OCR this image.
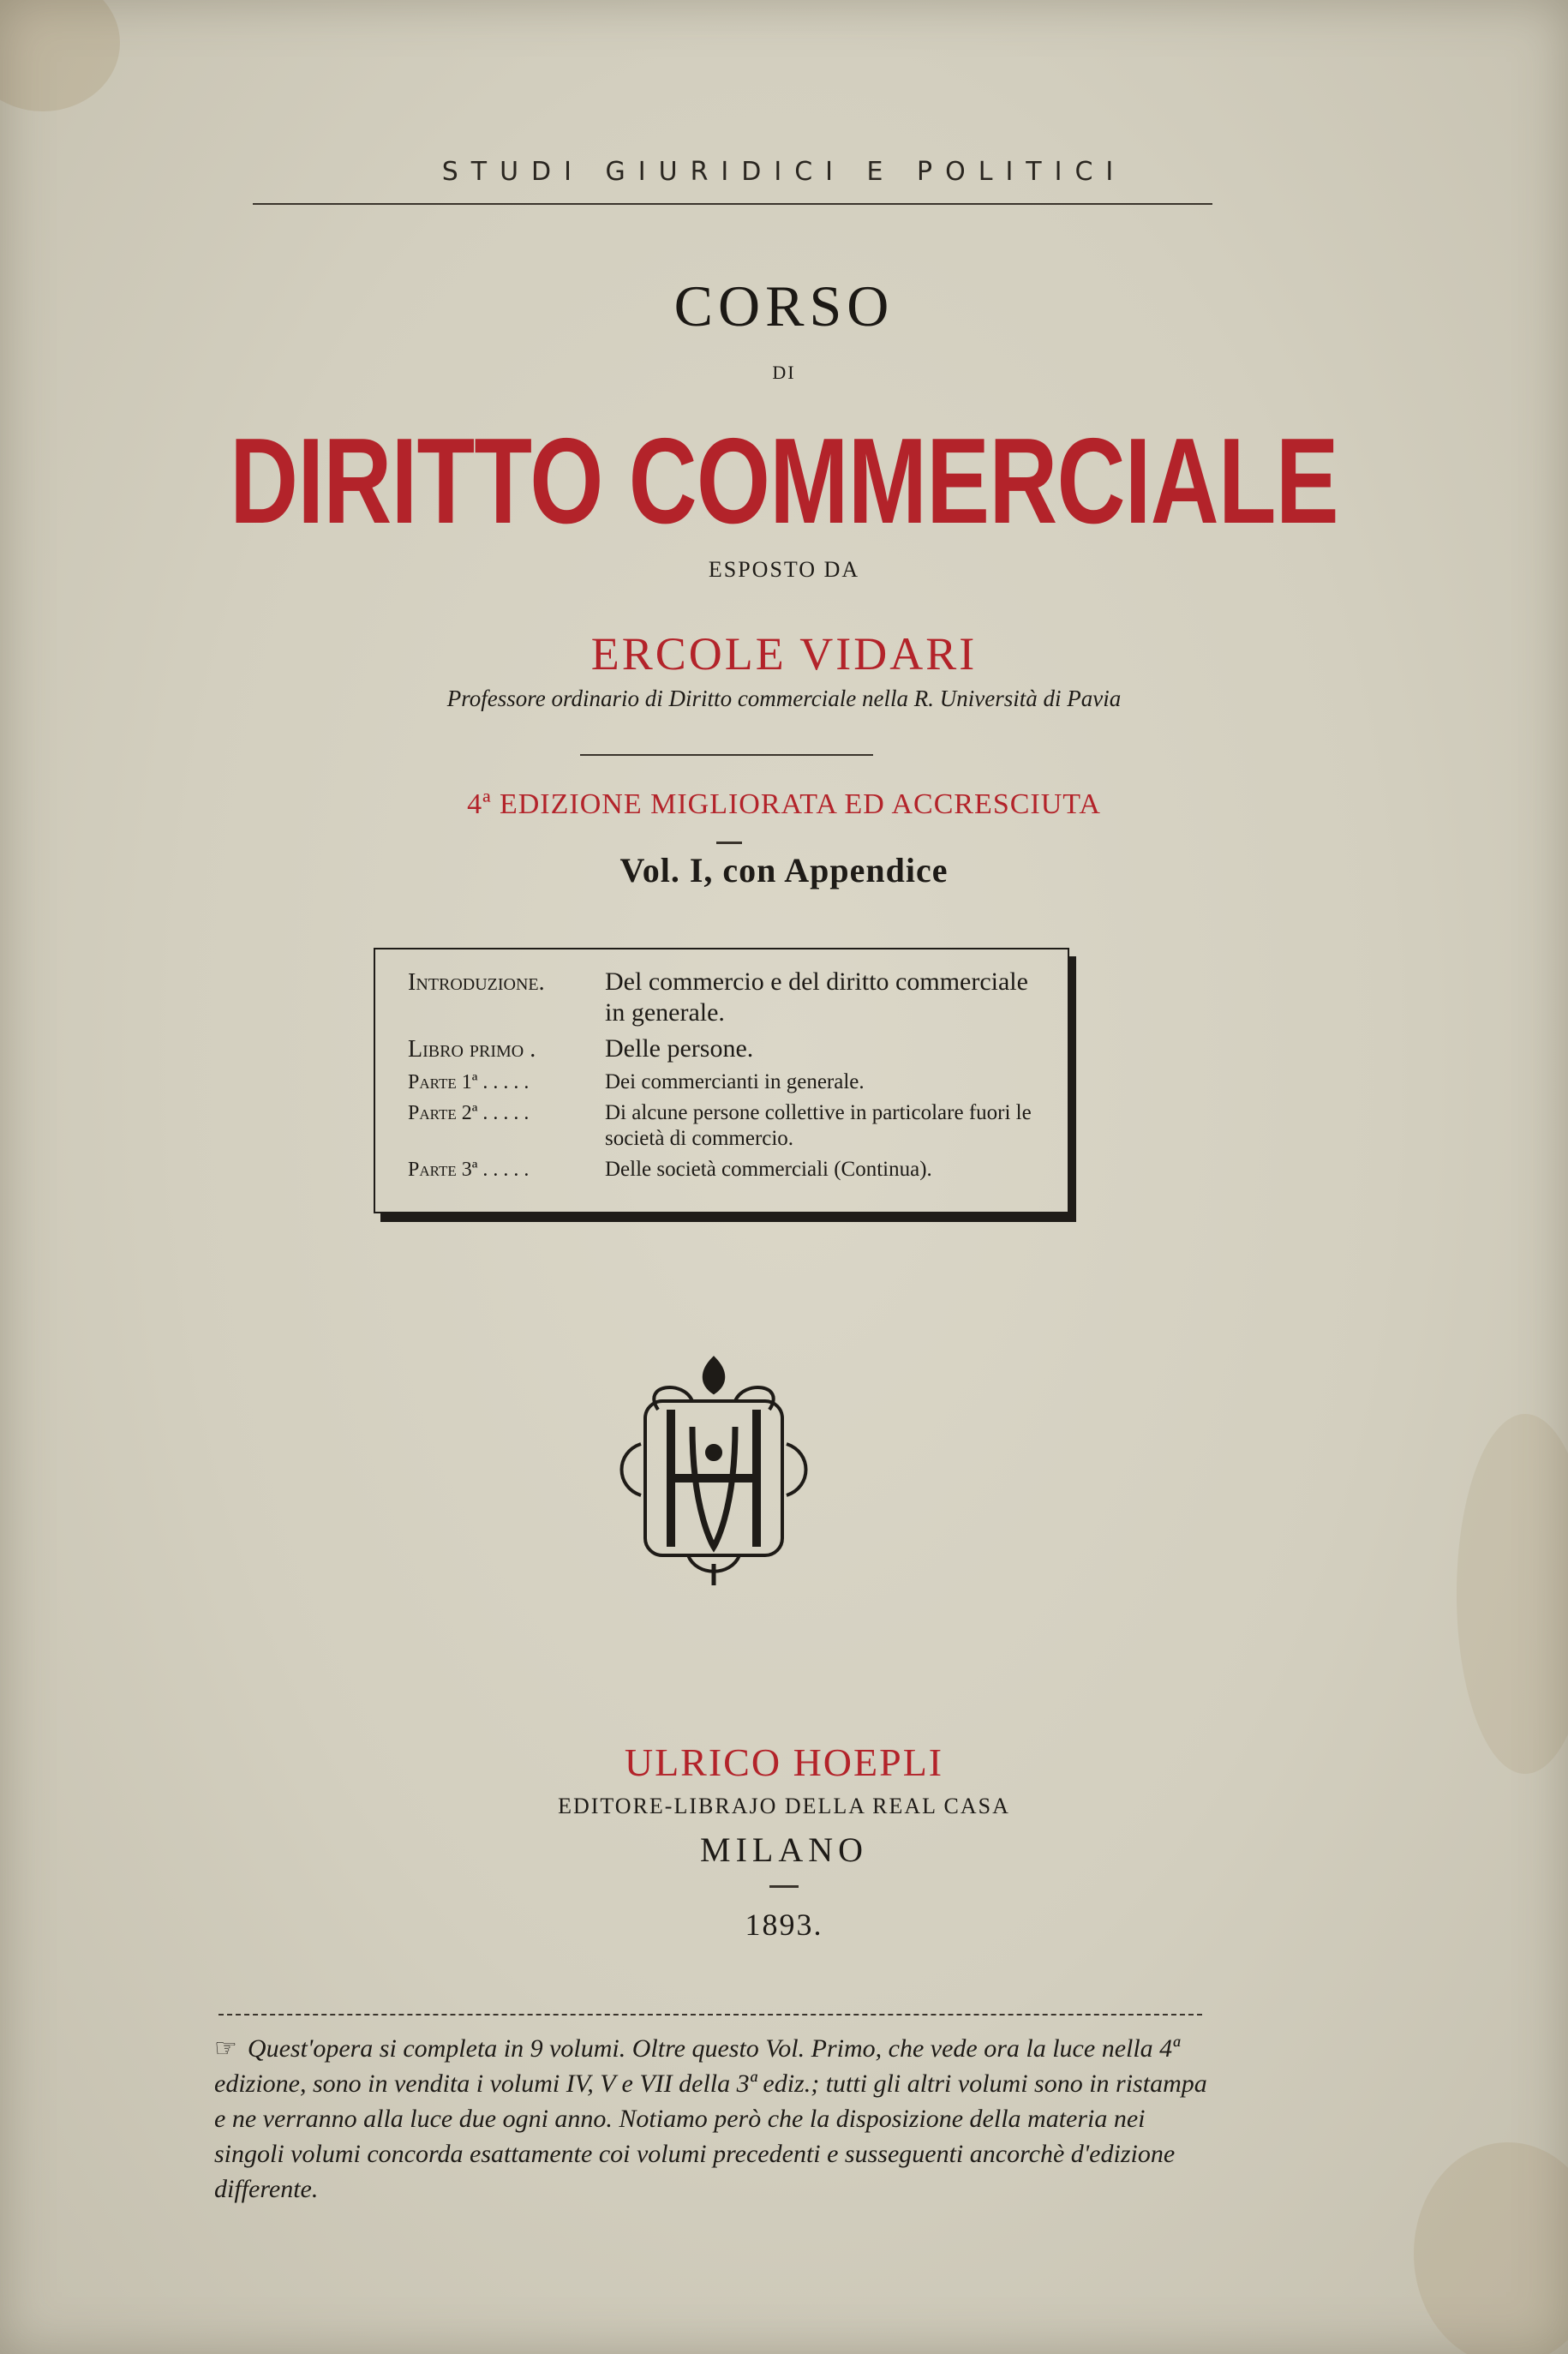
STUDI GIURIDICI E POLITICI
CORSO
DI
DIRITTO COMMERCIALE
ESPOSTO DA
ERCOLE VIDARI
Professore ordinario di Diritto commerciale nella R. Università di Pavia
4ª EDIZIONE MIGLIORATA ED ACCRESCIUTA
Vol. I, con Appendice
Introduzione.	Del commercio e del diritto commerciale in generale.
Libro primo .	Delle persone.
Parte 1ª . . . . .	Dei commercianti in generale.
Parte 2ª . . . . .	Di alcune persone collettive in particolare fuori le società di commercio.
Parte 3ª . . . . .	Delle società commerciali (Continua).
ULRICO HOEPLI
EDITORE-LIBRAJO DELLA REAL CASA
MILANO
1893.
☞ Quest'opera si completa in 9 volumi. Oltre questo Vol. Primo, che vede ora la luce nella 4ª edizione, sono in vendita i volumi IV, V e VII della 3ª ediz.; tutti gli altri volumi sono in ristampa e ne verranno alla luce due ogni anno. Notiamo però che la disposizione della materia nei singoli volumi concorda esattamente coi volumi precedenti e susseguenti ancorchè d'edizione differente.
